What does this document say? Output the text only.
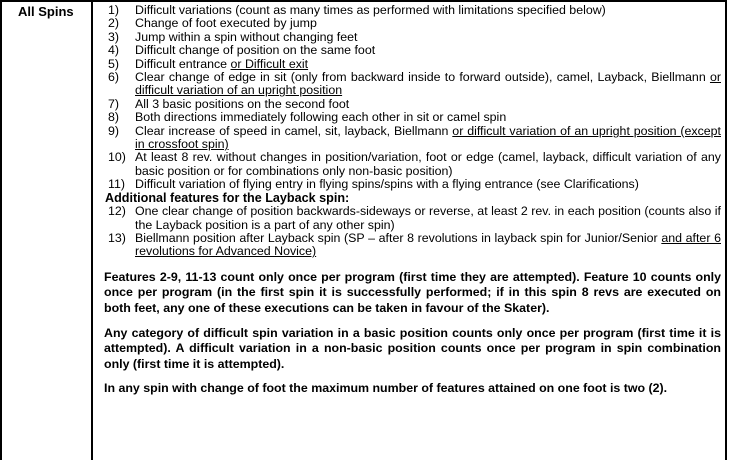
All Spins	1) Difficult variations (count as many times as performed with limitations specified below)
2) Change of foot executed by jump
3) Jump within a spin without changing feet
4) Difficult change of position on the same foot
5) Difficult entrance or Difficult exit
6) Clear change of edge in sit (only from backward inside to forward outside), camel, Layback, Biellmann or difficult variation of an upright position
7) All 3 basic positions on the second foot
8) Both directions immediately following each other in sit or camel spin
9) Clear increase of speed in camel, sit, layback, Biellmann or difficult variation of an upright position (except in crossfoot spin)
10) At least 8 rev. without changes in position/variation, foot or edge (camel, layback, difficult variation of any basic position or for combinations only non-basic position)
11) Difficult variation of flying entry in flying spins/spins with a flying entrance (see Clarifications)
Additional features for the Layback spin:
12) One clear change of position backwards-sideways or reverse, at least 2 rev. in each position (counts also if the Layback position is a part of any other spin)
13) Biellmann position after Layback spin (SP – after 8 revolutions in layback spin for Junior/Senior and after 6 revolutions for Advanced Novice)
Features 2-9, 11-13 count only once per program (first time they are attempted). Feature 10 counts only once per program (in the first spin it is successfully performed; if in this spin 8 revs are executed on both feet, any one of these executions can be taken in favour of the Skater).
Any category of difficult spin variation in a basic position counts only once per program (first time it is attempted). A difficult variation in a non-basic position counts once per program in spin combination only (first time it is attempted).
In any spin with change of foot the maximum number of features attained on one foot is two (2).
